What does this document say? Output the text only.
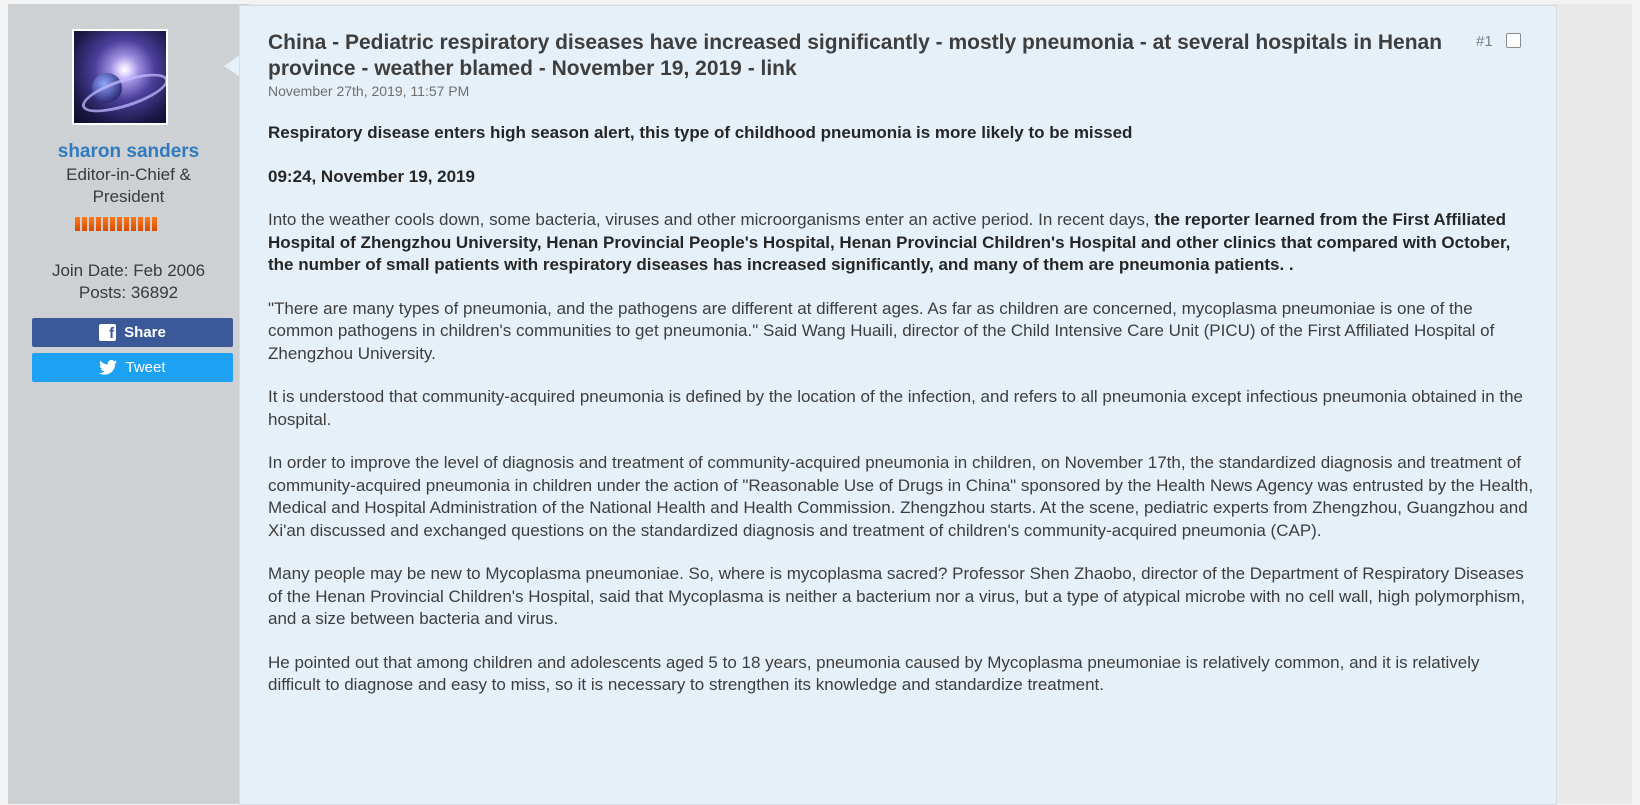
sharon sanders
Editor-in-Chief & President
Join Date: Feb 2006
Posts: 36892
f Share
Tweet
China - Pediatric respiratory diseases have increased significantly - mostly pneumonia - at several hospitals in Henan province - weather blamed - November 19, 2019 - link
#1
November 27th, 2019, 11:57 PM

Respiratory disease enters high season alert, this type of childhood pneumonia is more likely to be missed

09:24, November 19, 2019

Into the weather cools down, some bacteria, viruses and other microorganisms enter an active period. In recent days, the reporter learned from the First Affiliated Hospital of Zhengzhou University, Henan Provincial People's Hospital, Henan Provincial Children's Hospital and other clinics that compared with October, the number of small patients with respiratory diseases has increased significantly, and many of them are pneumonia patients. .

"There are many types of pneumonia, and the pathogens are different at different ages. As far as children are concerned, mycoplasma pneumoniae is one of the common pathogens in children's communities to get pneumonia." Said Wang Huaili, director of the Child Intensive Care Unit (PICU) of the First Affiliated Hospital of Zhengzhou University.

It is understood that community-acquired pneumonia is defined by the location of the infection, and refers to all pneumonia except infectious pneumonia obtained in the hospital.

In order to improve the level of diagnosis and treatment of community-acquired pneumonia in children, on November 17th, the standardized diagnosis and treatment of community-acquired pneumonia in children under the action of "Reasonable Use of Drugs in China" sponsored by the Health News Agency was entrusted by the Health, Medical and Hospital Administration of the National Health and Health Commission. Zhengzhou starts. At the scene, pediatric experts from Zhengzhou, Guangzhou and Xi'an discussed and exchanged questions on the standardized diagnosis and treatment of children's community-acquired pneumonia (CAP).

Many people may be new to Mycoplasma pneumoniae. So, where is mycoplasma sacred? Professor Shen Zhaobo, director of the Department of Respiratory Diseases of the Henan Provincial Children's Hospital, said that Mycoplasma is neither a bacterium nor a virus, but a type of atypical microbe with no cell wall, high polymorphism, and a size between bacteria and virus.

He pointed out that among children and adolescents aged 5 to 18 years, pneumonia caused by Mycoplasma pneumoniae is relatively common, and it is relatively difficult to diagnose and easy to miss, so it is necessary to strengthen its knowledge and standardize treatment.
